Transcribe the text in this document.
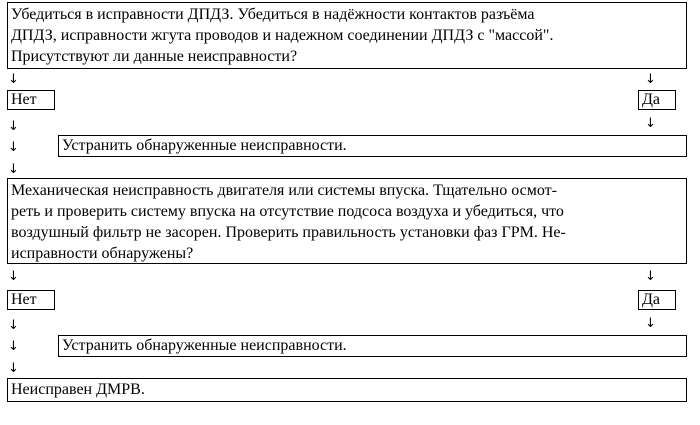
Убедиться в исправности ДПДЗ. Убедиться в надёжности контактов разъёма
ДПДЗ, исправности жгута проводов и надежном соединении ДПДЗ с "массой".
Присутствуют ли данные неисправности?
↓	↓
Нет	Да
↓
↓
Устранить обнаруженные неисправности.
↓
↓
Механическая неисправность двигателя или системы впуска. Тщательно осмот-
реть и проверить систему впуска на отсутствие подсоса воздуха и убедиться, что
воздушный фильтр не засорен. Проверить правильность установки фаз ГРМ. Не-
исправности обнаружены?
↓	↓
Нет	Да
↓
↓
Устранить обнаруженные неисправности.
↓
↓
Неисправен ДМРВ.
